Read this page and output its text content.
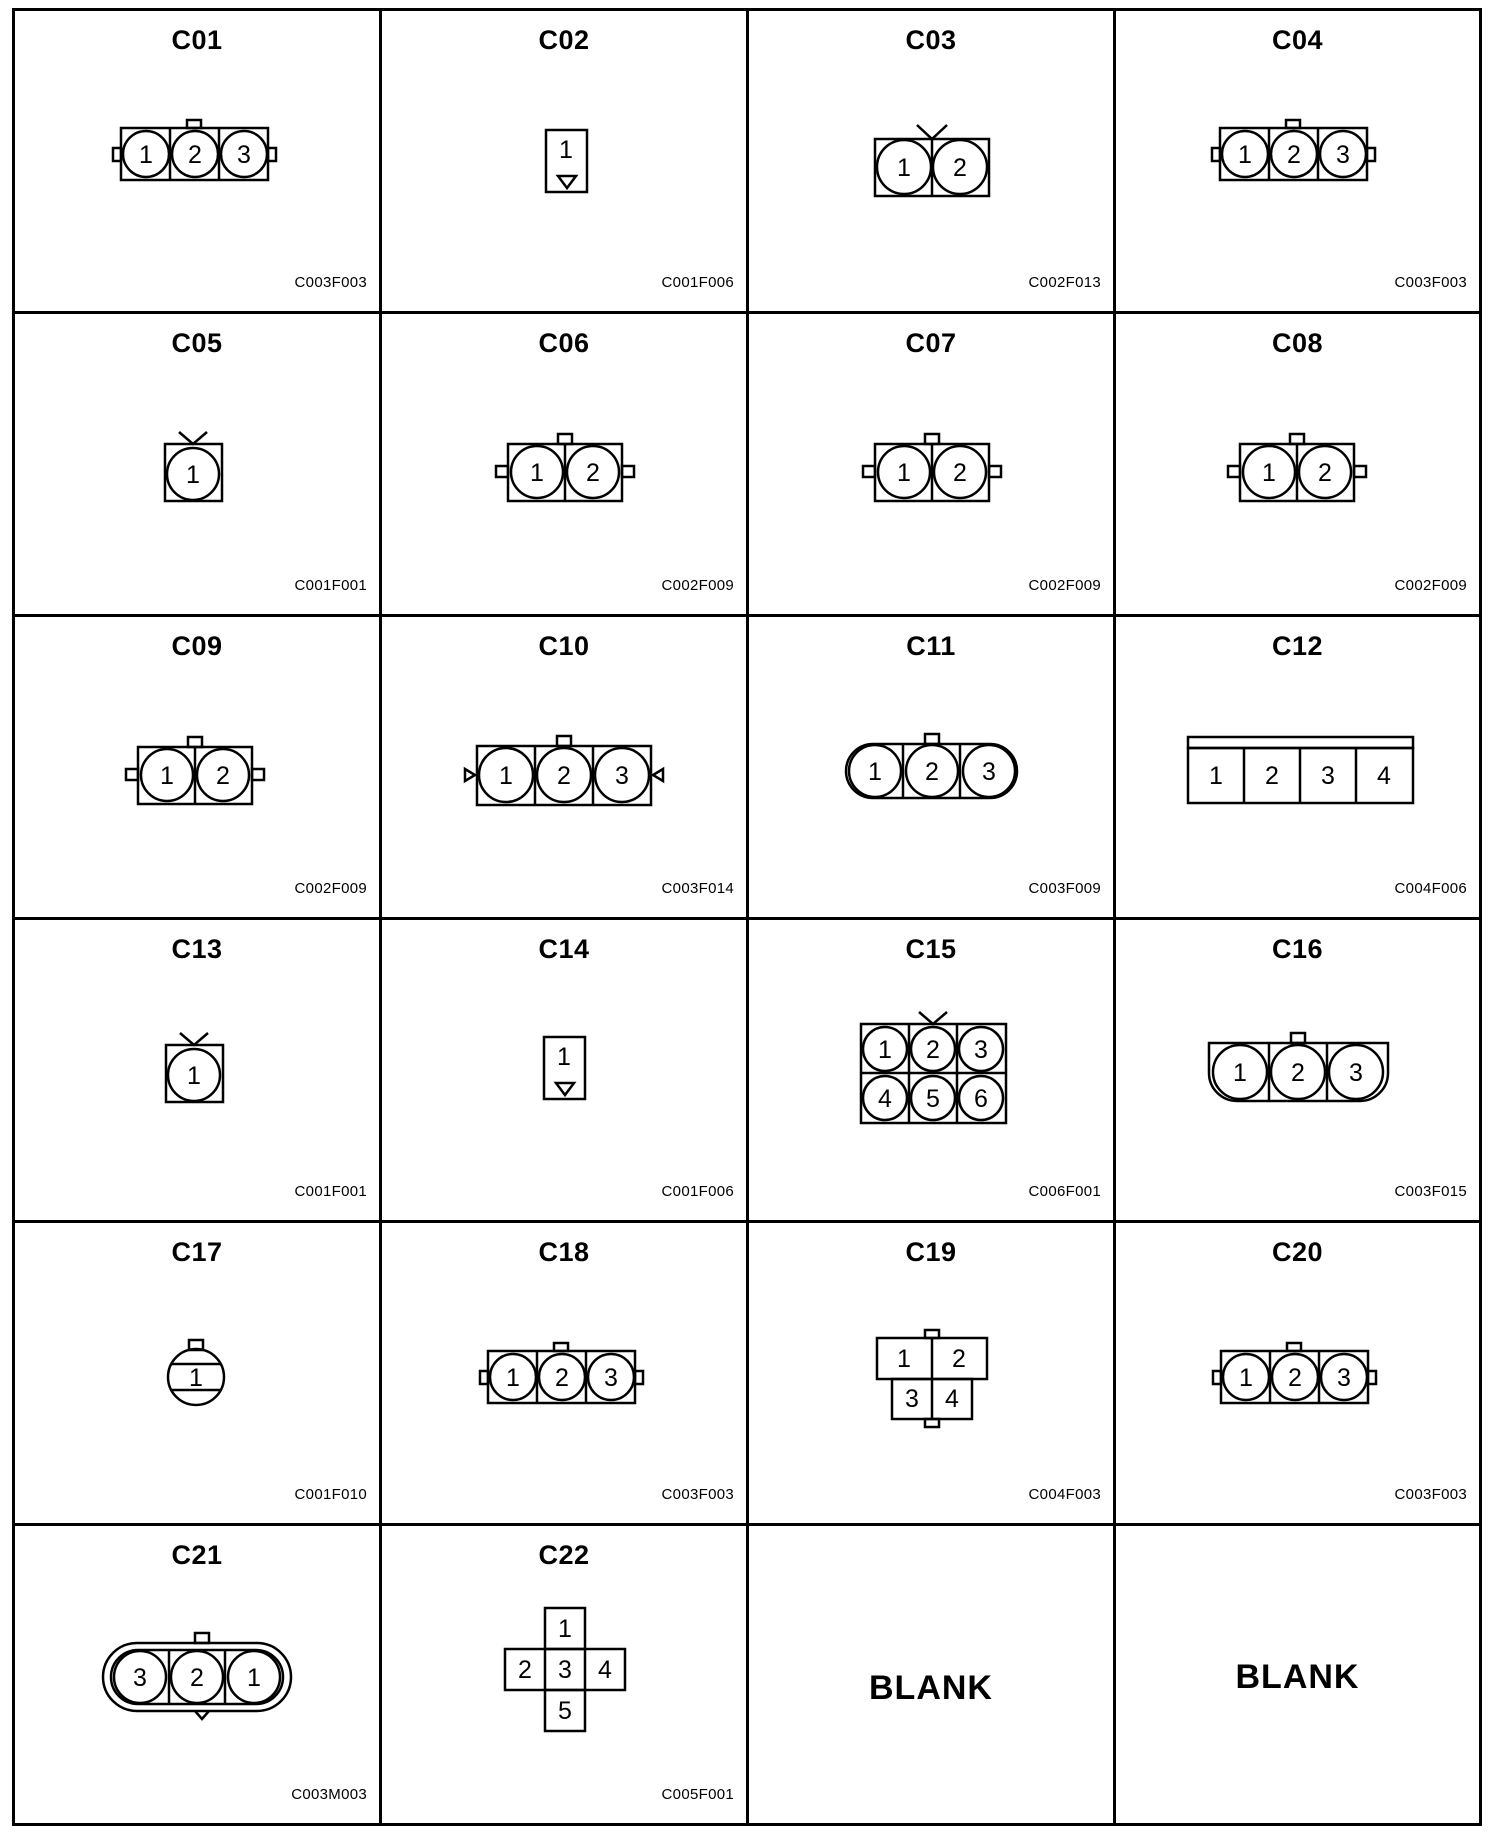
C01
1 2 3
C003F003
C02
1
C001F006
C03
1 2
C002F013
C04
1 2 3
C003F003
C05
1
C001F001
C06
1 2
C002F009
C07
1 2
C002F009
C08
1 2
C002F009
C09
1 2
C002F009
C10
1 2 3
C003F014
C11
1 2 3
C003F009
C12
1 2 3 4
C004F006
C13
1
C001F001
C14
1
C001F006
C15
1 2 3
4 5 6
C006F001
C16
1 2 3
C003F015
C17
1
C001F010
C18
1 2 3
C003F003
C19
1 2
3 4
C004F003
C20
1 2 3
C003F003
C21
3 2 1
C003M003
C22
1
2 3 4
5
C005F001
BLANK	BLANK
